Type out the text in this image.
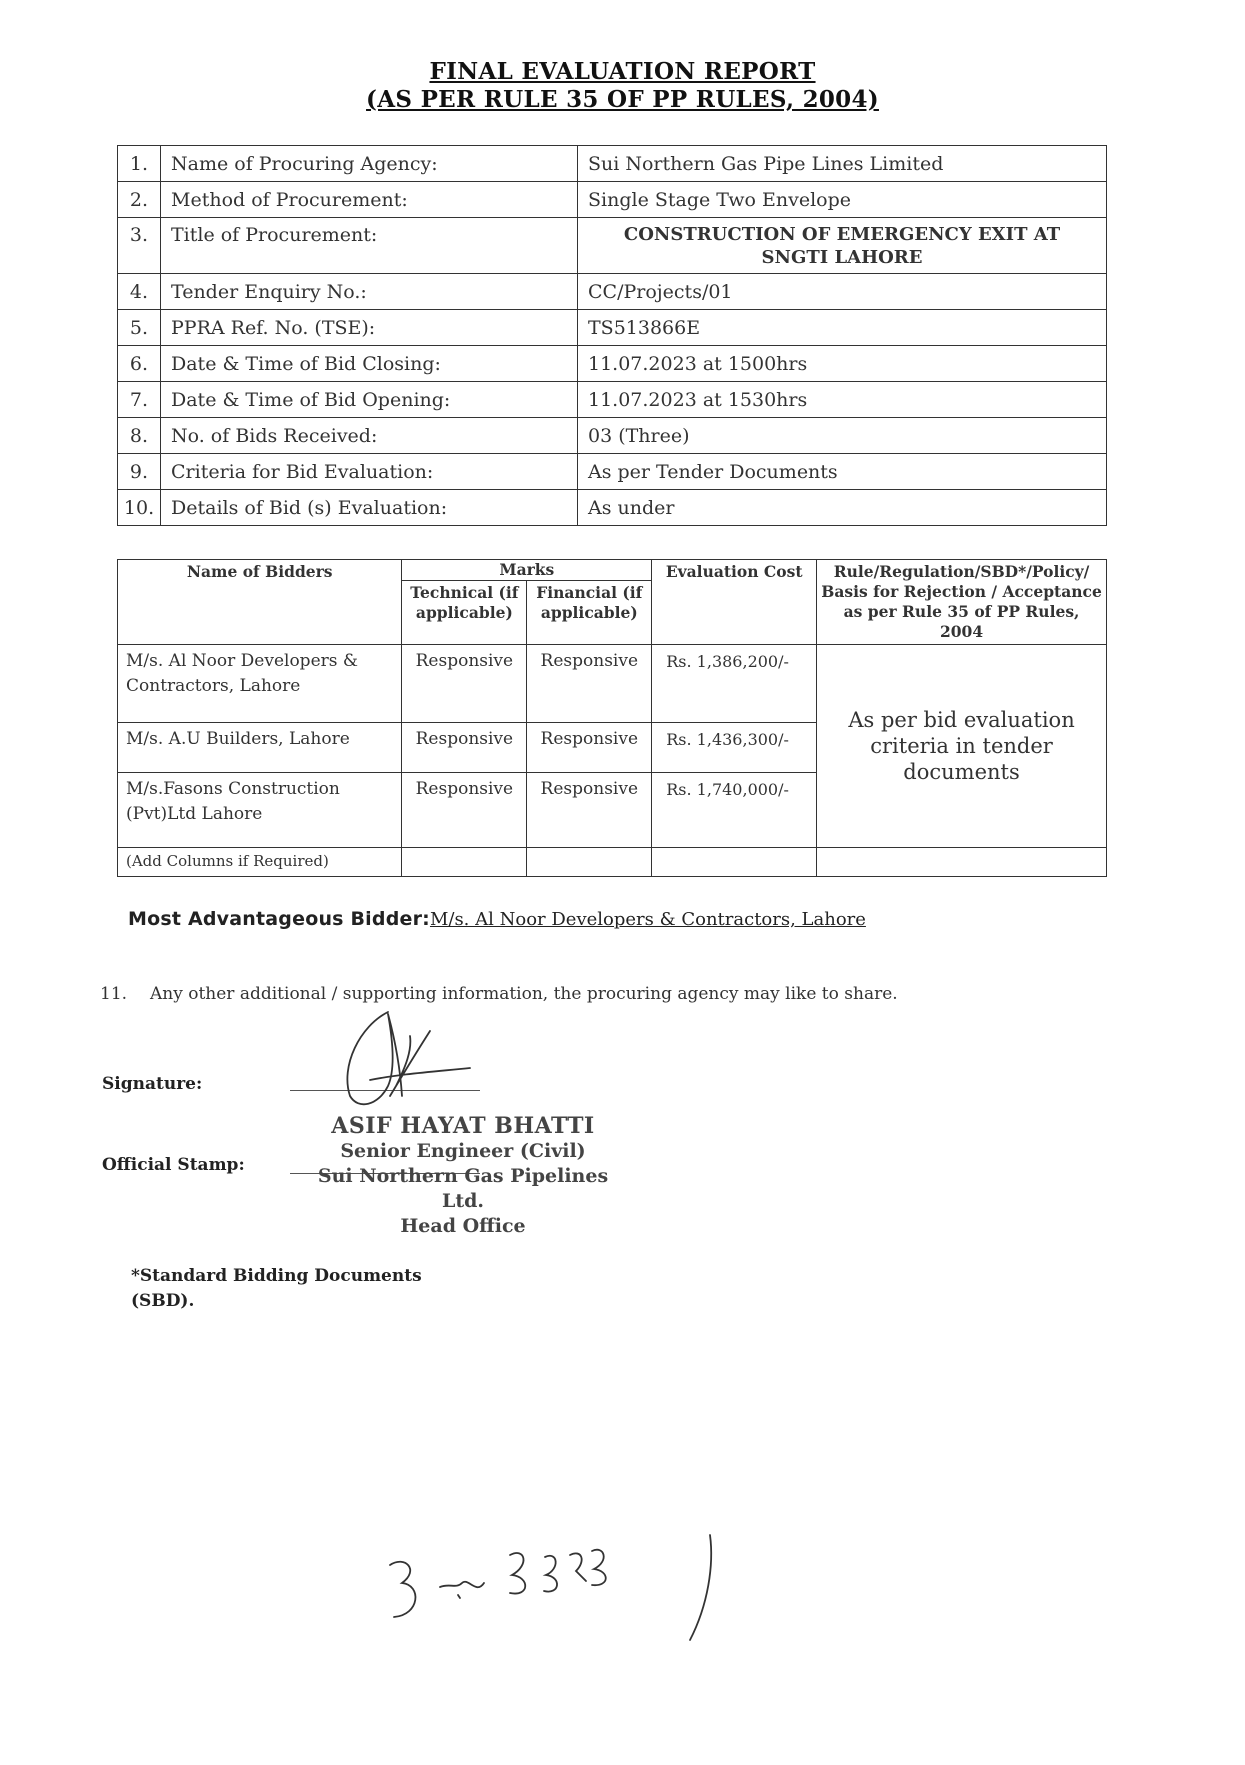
FINAL EVALUATION REPORT
(AS PER RULE 35 OF PP RULES, 2004)
1.	Name of Procuring Agency:	Sui Northern Gas Pipe Lines Limited
2.	Method of Procurement:	Single Stage Two Envelope
3.	Title of Procurement:	CONSTRUCTION OF EMERGENCY EXIT AT SNGTI LAHORE
4.	Tender Enquiry No.:	CC/Projects/01
5.	PPRA Ref. No. (TSE):	TS513866E
6.	Date & Time of Bid Closing:	11.07.2023 at 1500hrs
7.	Date & Time of Bid Opening:	11.07.2023 at 1530hrs
8.	No. of Bids Received:	03 (Three)
9.	Criteria for Bid Evaluation:	As per Tender Documents
10.	Details of Bid (s) Evaluation:	As under
Name of Bidders	Marks		Evaluation Cost	Rule/Regulation/SBD*/Policy/ Basis for Rejection / Acceptance as per Rule 35 of PP Rules, 2004
	Technical (if applicable)	Financial (if applicable)		
M/s. Al Noor Developers & Contractors, Lahore	Responsive	Responsive	Rs. 1,386,200/-	As per bid evaluation criteria in tender documents
M/s. A.U Builders, Lahore	Responsive	Responsive	Rs. 1,436,300/-	
M/s.Fasons Construction (Pvt)Ltd Lahore	Responsive	Responsive	Rs. 1,740,000/-	
(Add Columns if Required)				
Most Advantageous Bidder:M/s. Al Noor Developers & Contractors, Lahore
11. Any other additional / supporting information, the procuring agency may like to share.
Signature:
Official Stamp:
ASIF HAYAT BHATTI
Senior Engineer (Civil)
Sui Northern Gas Pipelines Ltd.
Head Office
*Standard Bidding Documents
(SBD).
